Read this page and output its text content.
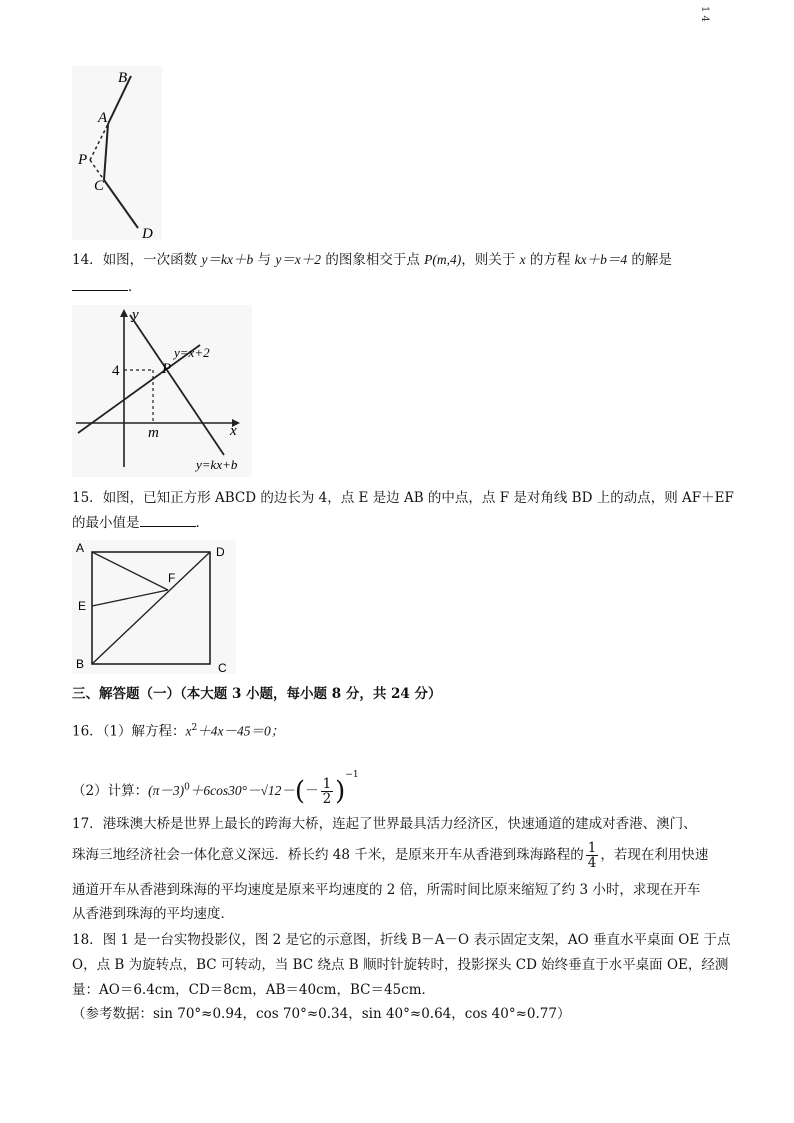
1 4
B
A
P
C
D
14．如图，一次函数 y＝kx＋b 与 y＝x＋2 的图象相交于点 P(m,4)，则关于 x 的方程 kx＋b＝4 的解是
．
y
x
4
m
P
y=x+2
y=kx+b
15．如图，已知正方形 ABCD 的边长为 4，点 E 是边 AB 的中点，点 F 是对角线 BD 上的动点，则 AF＋EF
的最小值是	．
A	D
E
F
B	C
三、解答题（一）（本大题 3 小题，每小题 8 分，共 24 分）
16．（1）解方程：$x^2+4x-45=0$；
（2）计算：$(\pi-3)^0+6\cos 30^\circ-√12-(- \frac{1}{2} )^{-1}$
17．港珠澳大桥是世界上最长的跨海大桥，连起了世界最具活力经济区，快速通道的建成对香港、澳门、
珠海三地经济社会一体化意义深远．桥长约 48 千米，是原来开车从香港到珠海路程的 $\frac{1}{4}$ ，若现在利用快速
通道开车从香港到珠海的平均速度是原来平均速度的 2 倍，所需时间比原来缩短了约 3 小时，求现在开车
从香港到珠海的平均速度．
18．图 1 是一台实物投影仪，图 2 是它的示意图，折线 B－A－O 表示固定支架，AO 垂直水平桌面 OE 于点
O，点 B 为旋转点，BC 可转动，当 BC 绕点 B 顺时针旋转时，投影探头 CD 始终垂直于水平桌面 OE，经测
量：AO＝6.4cm，CD＝8cm，AB＝40cm，BC＝45cm．
（参考数据：sin 70°≈0.94，cos 70°≈0.34，sin 40°≈0.64，cos 40°≈0.77）
